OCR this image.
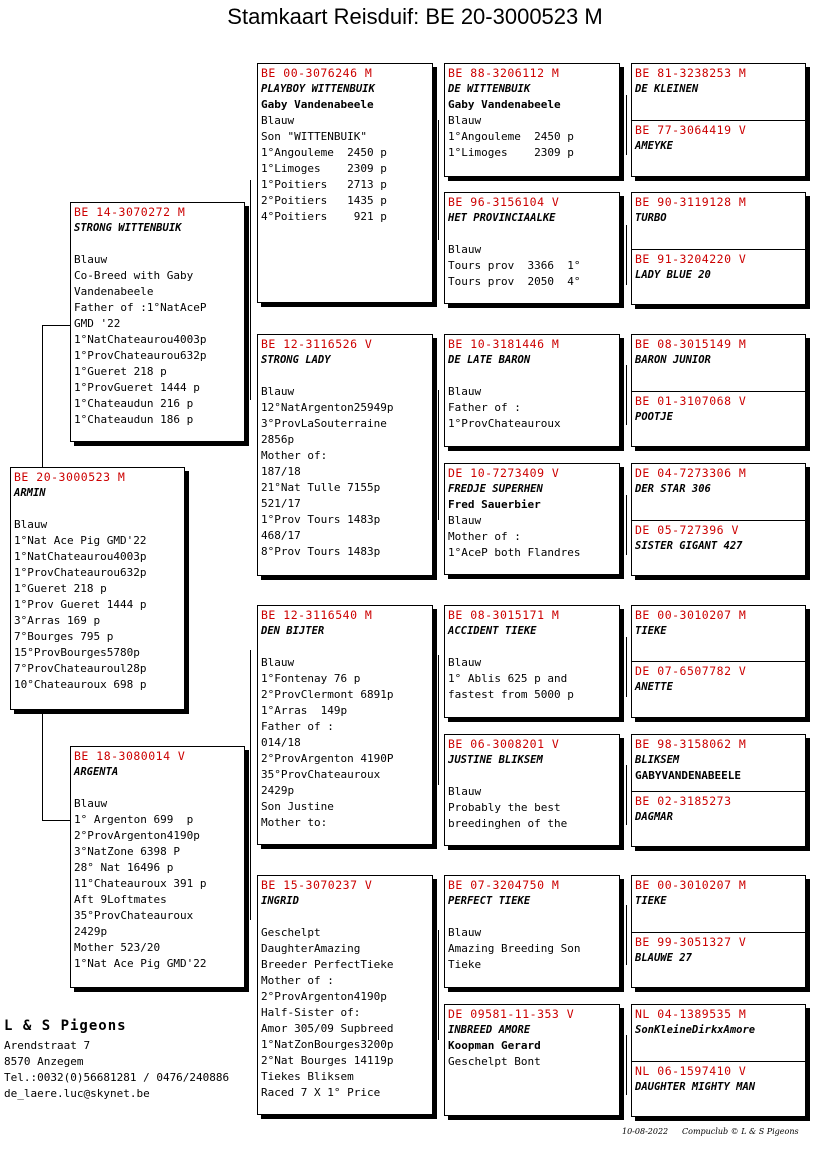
Stamkaart Reisduif: BE 20-3000523 M
BE 20-3000523 M
ARMIN

Blauw
1°Nat Ace Pig GMD'22
1°NatChateaurou4003p
1°ProvChateaurou632p
1°Gueret 218 p
1°Prov Gueret 1444 p
3°Arras 169 p
7°Bourges 795 p
15°ProvBourges5780p
7°ProvChateauroul28p
10°Chateauroux 698 p
BE 14-3070272 M
STRONG WITTENBUIK

Blauw
Co-Breed with Gaby
Vandenabeele
Father of :1°NatAceP
GMD '22
1°NatChateaurou4003p
1°ProvChateaurou632p
1°Gueret 218 p
1°ProvGueret 1444 p
1°Chateaudun 216 p
1°Chateaudun 186 p
BE 18-3080014 V
ARGENTA

Blauw
1° Argenton 699  p
2°ProvArgenton4190p
3°NatZone 6398 P
28° Nat 16496 p
11°Chateauroux 391 p
Aft 9Loftmates
35°ProvChateauroux
2429p
Mother 523/20
1°Nat Ace Pig GMD'22
BE 00-3076246 M
PLAYBOY WITTENBUIK
Gaby Vandenabeele
Blauw
Son "WITTENBUIK"
1°Angouleme  2450 p
1°Limoges    2309 p
1°Poitiers   2713 p
2°Poitiers   1435 p
4°Poitiers    921 p
BE 12-3116526 V
STRONG LADY

Blauw
12°NatArgenton25949p
3°ProvLaSouterraine
2856p
Mother of:
187/18
21°Nat Tulle 7155p
521/17
1°Prov Tours 1483p
468/17
8°Prov Tours 1483p
BE 12-3116540 M
DEN BIJTER

Blauw
1°Fontenay 76 p
2°ProvClermont 6891p
1°Arras  149p
Father of :
014/18
2°ProvArgenton 4190P
35°ProvChateauroux
2429p
Son Justine
Mother to:
BE 15-3070237 V
INGRID

Geschelpt
DaughterAmazing
Breeder PerfectTieke
Mother of :
2°ProvArgenton4190p
Half-Sister of:
Amor 305/09 Supbreed
1°NatZonBourges3200p
2°Nat Bourges 14119p
Tiekes Bliksem
Raced 7 X 1° Price
BE 88-3206112 M
DE WITTENBUIK
Gaby Vandenabeele
Blauw
1°Angouleme  2450 p
1°Limoges    2309 p
BE 96-3156104 V
HET PROVINCIAALKE

Blauw
Tours prov  3366  1°
Tours prov  2050  4°
BE 10-3181446 M
DE LATE BARON

Blauw
Father of :
1°ProvChateauroux
DE 10-7273409 V
FREDJE SUPERHEN
Fred Sauerbier
Blauw
Mother of :
1°AceP both Flandres
BE 08-3015171 M
ACCIDENT TIEKE

Blauw
1° Ablis 625 p and
fastest from 5000 p
BE 06-3008201 V
JUSTINE BLIKSEM

Blauw
Probably the best
breedinghen of the
BE 07-3204750 M
PERFECT TIEKE

Blauw
Amazing Breeding Son
Tieke
DE 09581-11-353 V
INBREED AMORE
Koopman Gerard
Geschelpt Bont
BE 81-3238253 M
DE KLEINEN
BE 77-3064419 V
AMEYKE
BE 90-3119128 M
TURBO
BE 91-3204220 V
LADY BLUE 20
BE 08-3015149 M
BARON JUNIOR
BE 01-3107068 V
POOTJE
DE 04-7273306 M
DER STAR 306
DE 05-727396 V
SISTER GIGANT 427
BE 00-3010207 M
TIEKE
DE 07-6507782 V
ANETTE
BE 98-3158062 M
BLIKSEM
GABYVANDENABEELE
BE 02-3185273
DAGMAR
BE 00-3010207 M
TIEKE
BE 99-3051327 V
BLAUWE 27
NL 04-1389535 M
SonKleineDirkxAmore
NL 06-1597410 V
DAUGHTER MIGHTY MAN
L & S Pigeons
Arendstraat 7
8570 Anzegem
Tel.:0032(0)56681281 / 0476/240886
de_laere.luc@skynet.be
10-08-2022 Compuclub © L & S Pigeons
